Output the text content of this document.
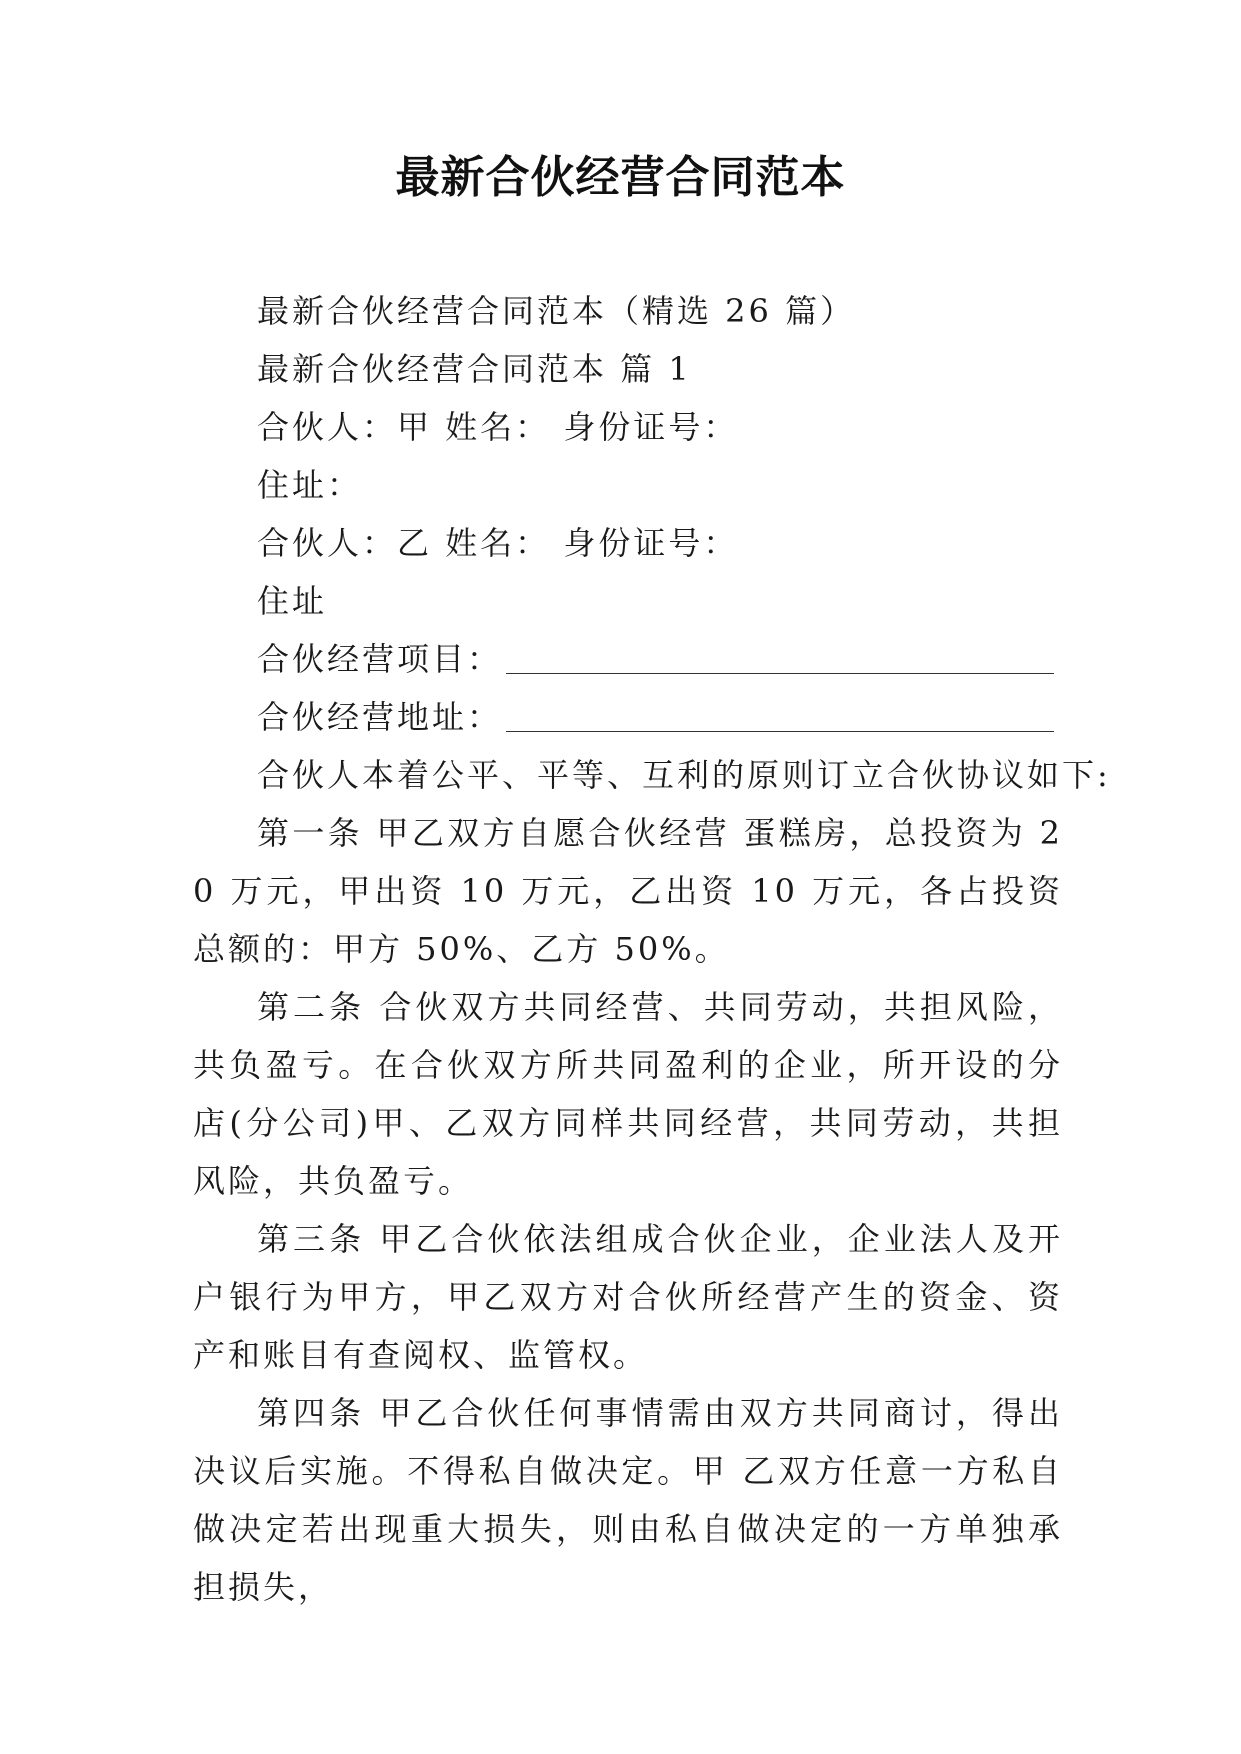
最新合伙经营合同范本

最新合伙经营合同范本（精选 26 篇）

最新合伙经营合同范本 篇 1

合伙人：甲 姓名： 身份证号：

住址：

合伙人：乙 姓名： 身份证号：

住址

合伙经营项目：

合伙经营地址：

合伙人本着公平、平等、互利的原则订立合伙协议如下:

第一条 甲乙双方自愿合伙经营 蛋糕房，总投资为 20 万元，甲出资 10 万元，乙出资 10 万元，各占投资总额的：甲方 50%、乙方 50%。

第二条 合伙双方共同经营、共同劳动，共担风险，共负盈亏。在合伙双方所共同盈利的企业，所开设的分店(分公司)甲、乙双方同样共同经营，共同劳动，共担风险，共负盈亏。

第三条 甲乙合伙依法组成合伙企业，企业法人及开户银行为甲方，甲乙双方对合伙所经营产生的资金、资产和账目有查阅权、监管权。

第四条 甲乙合伙任何事情需由双方共同商讨，得出决议后实施。不得私自做决定。甲 乙双方任意一方私自做决定若出现重大损失，则由私自做决定的一方单独承担损失，
